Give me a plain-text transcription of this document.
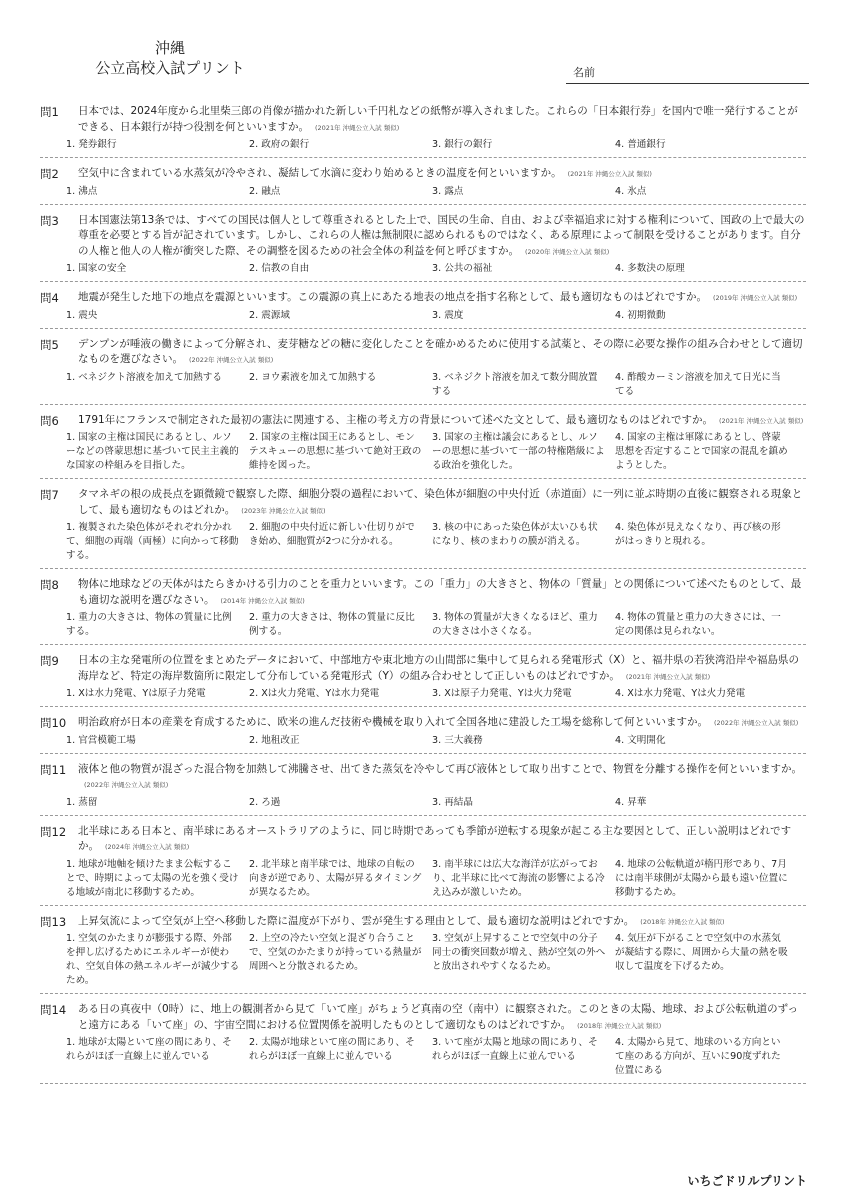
沖縄
公立高校入試プリント	名前
問1 日本では、2024年度から北里柴三郎の肖像が描かれた新しい千円札などの紙幣が導入されました。これらの「日本銀行券」を国内で唯一発行することができる、日本銀行が持つ役割を何といいますか。 (2021年 沖縄公立入試 類似)
1. 発券銀行	2. 政府の銀行	3. 銀行の銀行	4. 普通銀行
問2 空気中に含まれている水蒸気が冷やされ、凝結して水滴に変わり始めるときの温度を何といいますか。 (2021年 沖縄公立入試 類似)
1. 沸点	2. 融点	3. 露点	4. 氷点
問3 日本国憲法第13条では、すべての国民は個人として尊重されるとした上で、国民の生命、自由、および幸福追求に対する権利について、国政の上で最大の尊重を必要とする旨が記されています。しかし、これらの人権は無制限に認められるものではなく、ある原理によって制限を受けることがあります。自分の人権と他人の人権が衝突した際、その調整を図るための社会全体の利益を何と呼びますか。 (2020年 沖縄公立入試 類似)
1. 国家の安全	2. 信教の自由	3. 公共の福祉	4. 多数決の原理
問4 地震が発生した地下の地点を震源といいます。この震源の真上にあたる地表の地点を指す名称として、最も適切なものはどれですか。 (2019年 沖縄公立入試 類似)
1. 震央	2. 震源域	3. 震度	4. 初期微動
問5 デンプンが唾液の働きによって分解され、麦芽糖などの糖に変化したことを確かめるために使用する試薬と、その際に必要な操作の組み合わせとして適切なものを選びなさい。 (2022年 沖縄公立入試 類似)
1. ベネジクト溶液を加えて加熱する	2. ヨウ素液を加えて加熱する	3. ベネジクト溶液を加えて数分間放置する
4. 酢酸カーミン溶液を加えて日光に当てる
問6 1791年にフランスで制定された最初の憲法に関連する、主権の考え方の背景について述べた文として、最も適切なものはどれですか。 (2021年 沖縄公立入試 類似)
1. 国家の主権は国民にあるとし、ルソーなどの啓蒙思想に基づいて民主主義的な国家の枠組みを目指した。
2. 国家の主権は国王にあるとし、モンテスキューの思想に基づいて絶対王政の維持を図った。
3. 国家の主権は議会にあるとし、ルソーの思想に基づいて一部の特権階級による政治を強化した。
4. 国家の主権は軍隊にあるとし、啓蒙思想を否定することで国家の混乱を鎮めようとした。
問7 タマネギの根の成長点を顕微鏡で観察した際、細胞分裂の過程において、染色体が細胞の中央付近（赤道面）に一列に並ぶ時期の直後に観察される現象として、最も適切なものはどれか。 (2023年 沖縄公立入試 類似)
1. 複製された染色体がそれぞれ分かれて、細胞の両端（両極）に向かって移動する。
2. 細胞の中央付近に新しい仕切りができ始め、細胞質が2つに分かれる。
3. 核の中にあった染色体が太いひも状になり、核のまわりの膜が消える。
4. 染色体が見えなくなり、再び核の形がはっきりと現れる。
問8 物体に地球などの天体がはたらきかける引力のことを重力といいます。この「重力」の大きさと、物体の「質量」との関係について述べたものとして、最も適切な説明を選びなさい。 (2014年 沖縄公立入試 類似)
1. 重力の大きさは、物体の質量に比例する。
2. 重力の大きさは、物体の質量に反比例する。
3. 物体の質量が大きくなるほど、重力の大きさは小さくなる。
4. 物体の質量と重力の大きさには、一定の関係は見られない。
問9 日本の主な発電所の位置をまとめたデータにおいて、中部地方や東北地方の山間部に集中して見られる発電形式（X）と、福井県の若狭湾沿岸や福島県の海岸など、特定の海岸数箇所に限定して分布している発電形式（Y）の組み合わせとして正しいものはどれですか。 (2021年 沖縄公立入試 類似)
1. Xは水力発電、Yは原子力発電	2. Xは火力発電、Yは水力発電	3. Xは原子力発電、Yは火力発電	4. Xは水力発電、Yは火力発電
問10 明治政府が日本の産業を育成するために、欧米の進んだ技術や機械を取り入れて全国各地に建設した工場を総称して何といいますか。 (2022年 沖縄公立入試 類似)
1. 官営模範工場	2. 地租改正	3. 三大義務	4. 文明開化
問11 液体と他の物質が混ざった混合物を加熱して沸騰させ、出てきた蒸気を冷やして再び液体として取り出すことで、物質を分離する操作を何といいますか。(2022年 沖縄公立入試 類似)
1. 蒸留	2. ろ過	3. 再結晶	4. 昇華
問12 北半球にある日本と、南半球にあるオーストラリアのように、同じ時期であっても季節が逆転する現象が起こる主な要因として、正しい説明はどれですか。 (2024年 沖縄公立入試 類似)
1. 地球が地軸を傾けたまま公転することで、時期によって太陽の光を強く受ける地域が南北に移動するため。
2. 北半球と南半球では、地球の自転の向きが逆であり、太陽が昇るタイミングが異なるため。
3. 南半球には広大な海洋が広がっており、北半球に比べて海流の影響による冷え込みが激しいため。
4. 地球の公転軌道が楕円形であり、7月には南半球側が太陽から最も遠い位置に移動するため。
問13 上昇気流によって空気が上空へ移動した際に温度が下がり、雲が発生する理由として、最も適切な説明はどれですか。 (2018年 沖縄公立入試 類似)
1. 空気のかたまりが膨張する際、外部を押し広げるためにエネルギーが使われ、空気自体の熱エネルギーが減少するため。
2. 上空の冷たい空気と混ざり合うことで、空気のかたまりが持っている熱量が周囲へと分散されるため。
3. 空気が上昇することで空気中の分子同士の衝突回数が増え、熱が空気の外へと放出されやすくなるため。
4. 気圧が下がることで空気中の水蒸気が凝結する際に、周囲から大量の熱を吸収して温度を下げるため。
問14 ある日の真夜中（0時）に、地上の観測者から見て「いて座」がちょうど真南の空（南中）に観察された。このときの太陽、地球、および公転軌道のずっと遠方にある「いて座」の、宇宙空間における位置関係を説明したものとして適切なものはどれですか。 (2018年 沖縄公立入試 類似)
1. 地球が太陽といて座の間にあり、それらがほぼ一直線上に並んでいる
2. 太陽が地球といて座の間にあり、それらがほぼ一直線上に並んでいる
3. いて座が太陽と地球の間にあり、それらがほぼ一直線上に並んでいる
4. 太陽から見て、地球のいる方向といて座のある方向が、互いに90度ずれた位置にある
いちごドリルプリント
